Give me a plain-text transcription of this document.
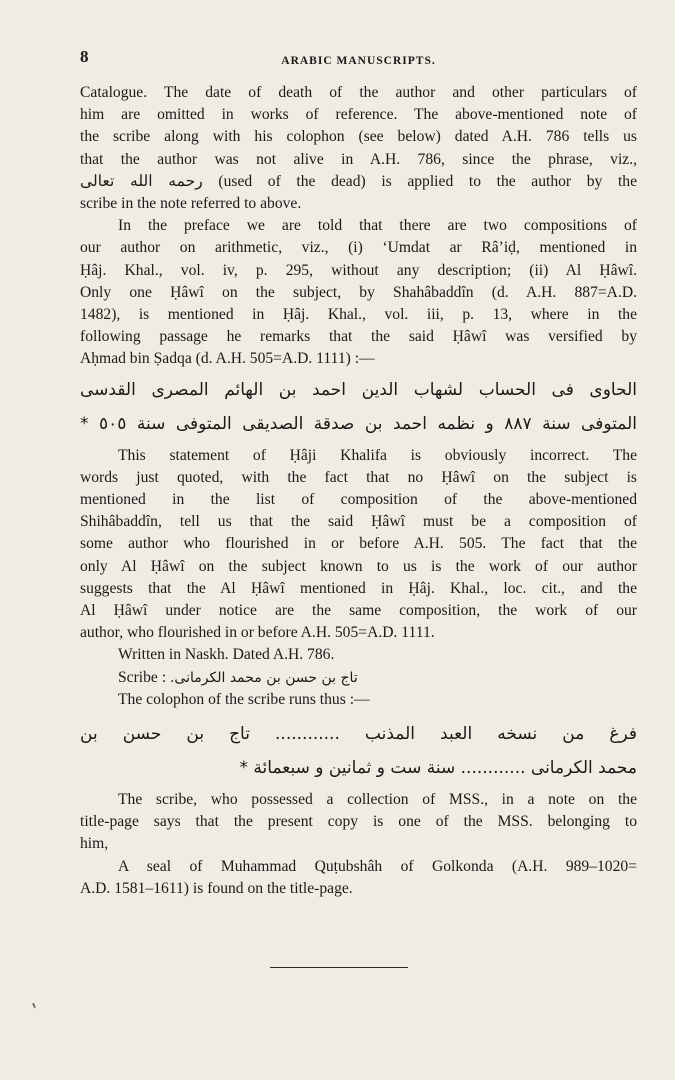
8	ARABIC MANUSCRIPTS.

Catalogue. The date of death of the author and other particulars of
him are omitted in works of reference. The above-mentioned note of
the scribe along with his colophon (see below) dated A.H. 786 tells us
that the author was not alive in A.H. 786, since the phrase, viz.,
رحمه الله تعالى (used of the dead) is applied to the author by the
scribe in the note referred to above.

In the preface we are told that there are two compositions of
our author on arithmetic, viz., (i) ‘Umdat ar Râ’iḍ, mentioned in
Ḥâj. Khal., vol. iv, p. 295, without any description; (ii) Al Ḥâwî.
Only one Ḥâwî on the subject, by Shahâbaddîn (d. A.H. 887=A.D.
1482), is mentioned in Ḥâj. Khal., vol. iii, p. 13, where in the
following passage he remarks that the said Ḥâwî was versified by
Aḥmad bin Ṣadqa (d. A.H. 505=A.D. 1111) :—

الحاوى فى الحساب لشهاب الدين احمد بن الهائم المصرى القدسى
المتوفى سنة ٨٨٧ و نظمه احمد بن صدقة الصديقى المتوفى سنة ٥٠٥ *

This statement of Ḥâji Khalifa is obviously incorrect. The
words just quoted, with the fact that no Ḥâwî on the subject is
mentioned in the list of composition of the above-mentioned
Shihâbaddîn, tell us that the said Ḥâwî must be a composition of
some author who flourished in or before A.H. 505. The fact that the
only Al Ḥâwî on the subject known to us is the work of our author
suggests that the Al Ḥâwî mentioned in Ḥâj. Khal., loc. cit., and the
Al Ḥâwî under notice are the same composition, the work of our
author, who flourished in or before A.H. 505=A.D. 1111.

Written in Naskh. Dated A.H. 786.

Scribe : تاج بن حسن بن محمد الكرمانى.

The colophon of the scribe runs thus :—

فرغ من نسخه العبد المذنب ............ تاج بن حسن بن
محمد الكرمانى ............ سنة ست و ثمانين و سبعمائة *

The scribe, who possessed a collection of MSS., in a note on the
title-page says that the present copy is one of the MSS. belonging to
him,

A seal of Muhammad Quṭubshâh of Golkonda (A.H. 989–1020=
A.D. 1581–1611) is found on the title-page.
